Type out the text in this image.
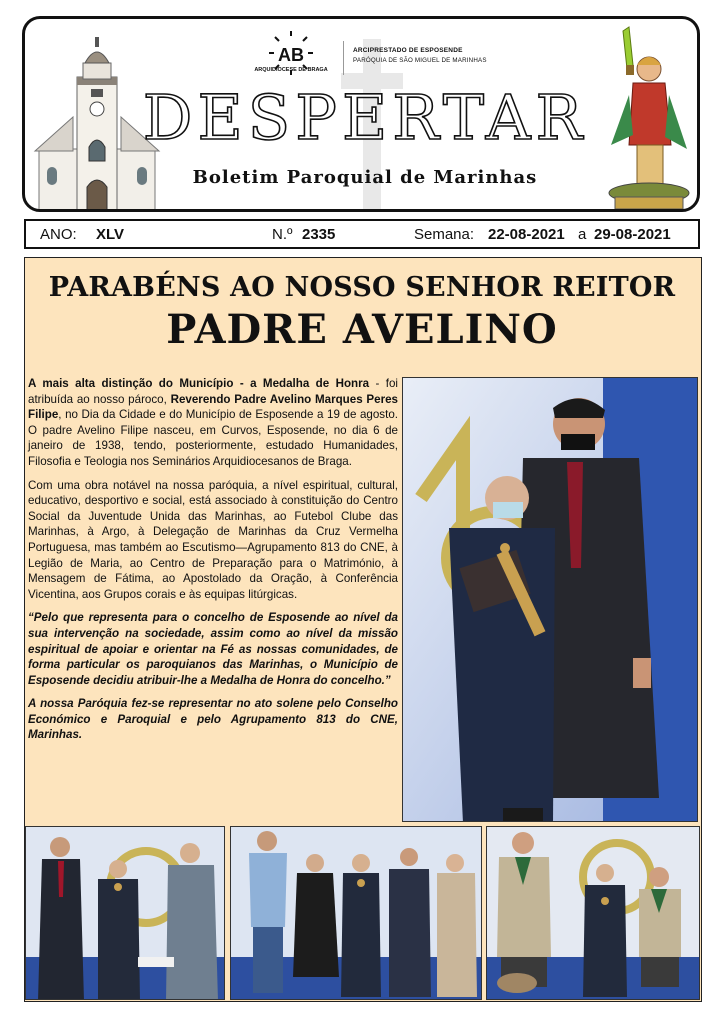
AB
ARQUIDIOCESE DE BRAGA
ARCIPRESTADO DE ESPOSENDE
PARÓQUIA DE SÃO MIGUEL DE MARINHAS
DESPERTAR
Boletim Paroquial de Marinhas
ANO: XLV	N.º 2335	Semana: 22-08-2021 a 29-08-2021
PARABÉNS AO NOSSO SENHOR REITOR
PADRE AVELINO

A mais alta distinção do Município - a Medalha de Honra - foi atribuída ao nosso pároco, Reverendo Padre Avelino Marques Peres Filipe, no Dia da Cidade e do Município de Esposende a 19 de agosto. O padre Avelino Filipe nasceu, em Curvos, Esposende, no dia 6 de janeiro de 1938, tendo, posteriormente, estudado Humanidades, Filosofia e Teologia nos Seminários Arquidiocesanos de Braga.

Com uma obra notável na nossa paróquia, a nível espiritual, cultural, educativo, desportivo e social, está associado à constituição do Centro Social da Juventude Unida das Marinhas, ao Futebol Clube das Marinhas, à Argo, à Delegação de Marinhas da Cruz Vermelha Portuguesa, mas também ao Escutismo—Agrupamento 813 do CNE, à Legião de Maria, ao Centro de Preparação para o Matrimónio, à Mensagem de Fátima, ao Apostolado da Oração, à Conferência Vicentina, aos Grupos corais e às equipas litúrgicas.

“Pelo que representa para o concelho de Esposende ao nível da sua intervenção na sociedade, assim como ao nível da missão espiritual de apoiar e orientar na Fé as nossas comunidades, de forma particular os paroquianos das Marinhas, o Município de Esposende decidiu atribuir-lhe a Medalha de Honra do concelho.”

A nossa Paróquia fez-se representar no ato solene pelo Conselho Económico e Paroquial e pelo Agrupamento 813 do CNE, Marinhas.
